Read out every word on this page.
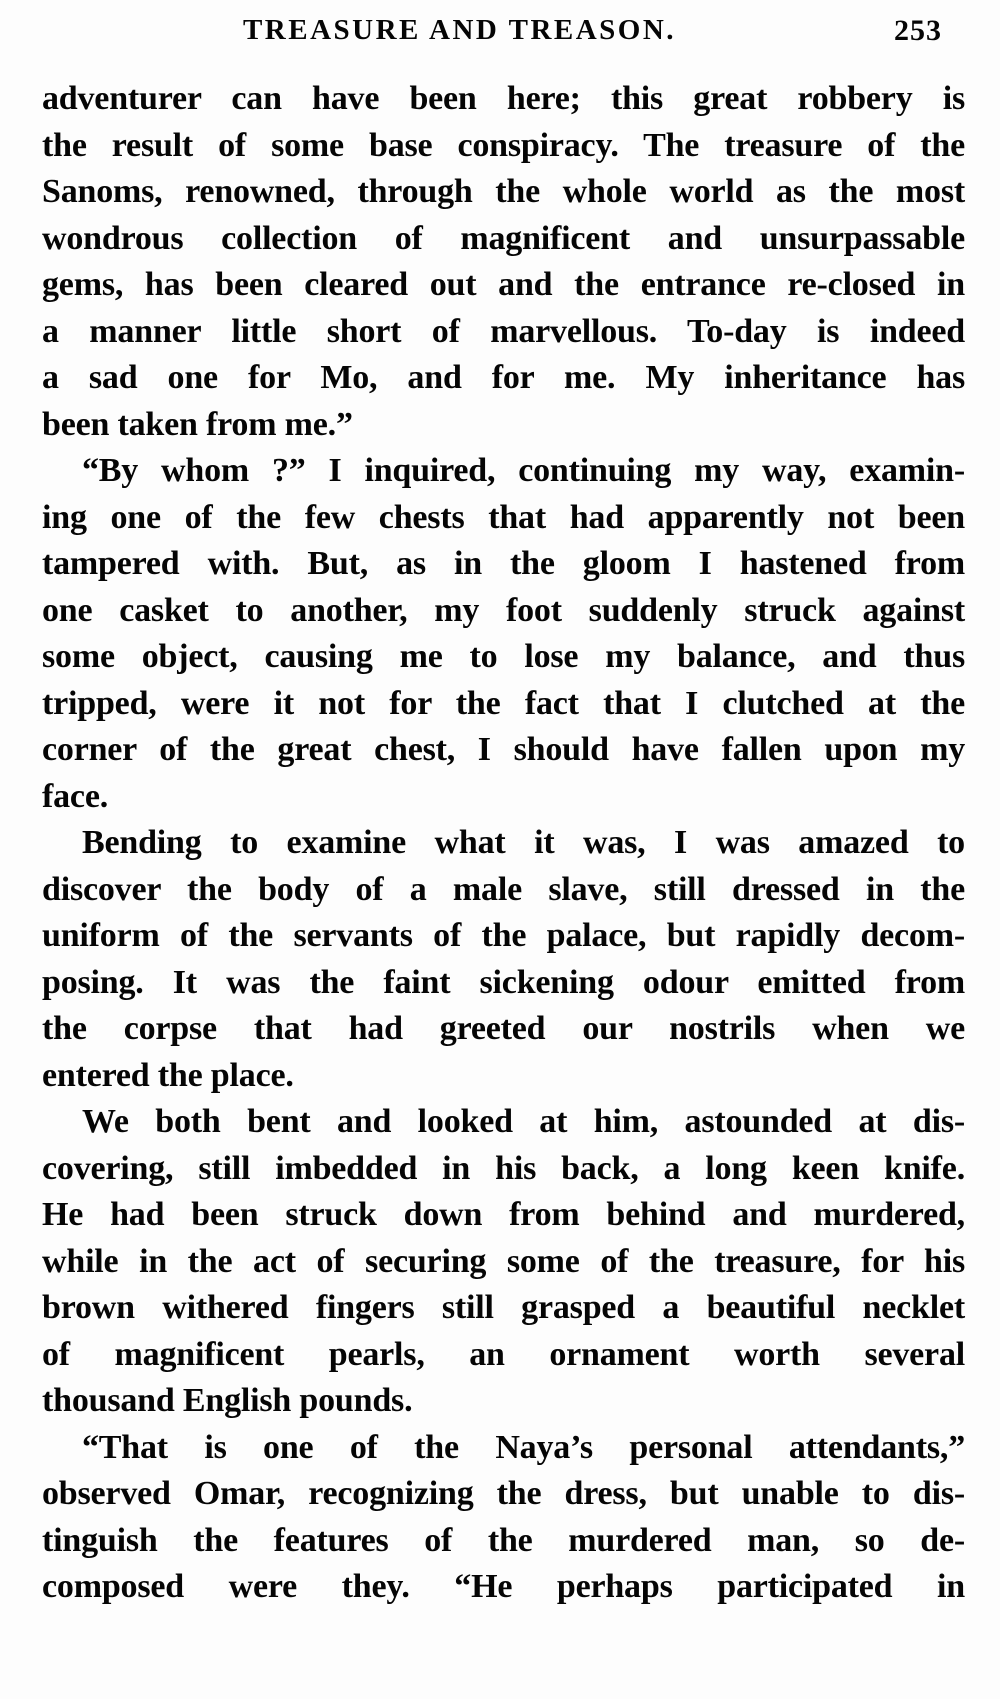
TREASURE AND TREASON.	253
adventurer can have been here; this great robbery is
the result of some base conspiracy. The treasure of the
Sanoms, renowned, through the whole world as the most
wondrous collection of magnificent and unsurpassable
gems, has been cleared out and the entrance re-closed in
a manner little short of marvellous. To-day is indeed
a sad one for Mo, and for me. My inheritance has
been taken from me.”
“By whom ?” I inquired, continuing my way, examin-
ing one of the few chests that had apparently not been
tampered with. But, as in the gloom I hastened from
one casket to another, my foot suddenly struck against
some object, causing me to lose my balance, and thus
tripped, were it not for the fact that I clutched at the
corner of the great chest, I should have fallen upon my
face.
Bending to examine what it was, I was amazed to
discover the body of a male slave, still dressed in the
uniform of the servants of the palace, but rapidly decom-
posing. It was the faint sickening odour emitted from
the corpse that had greeted our nostrils when we
entered the place.
We both bent and looked at him, astounded at dis-
covering, still imbedded in his back, a long keen knife.
He had been struck down from behind and murdered,
while in the act of securing some of the treasure, for his
brown withered fingers still grasped a beautiful necklet
of magnificent pearls, an ornament worth several
thousand English pounds.
“That is one of the Naya’s personal attendants,”
observed Omar, recognizing the dress, but unable to dis-
tinguish the features of the murdered man, so de-
composed were they. “He perhaps participated in
